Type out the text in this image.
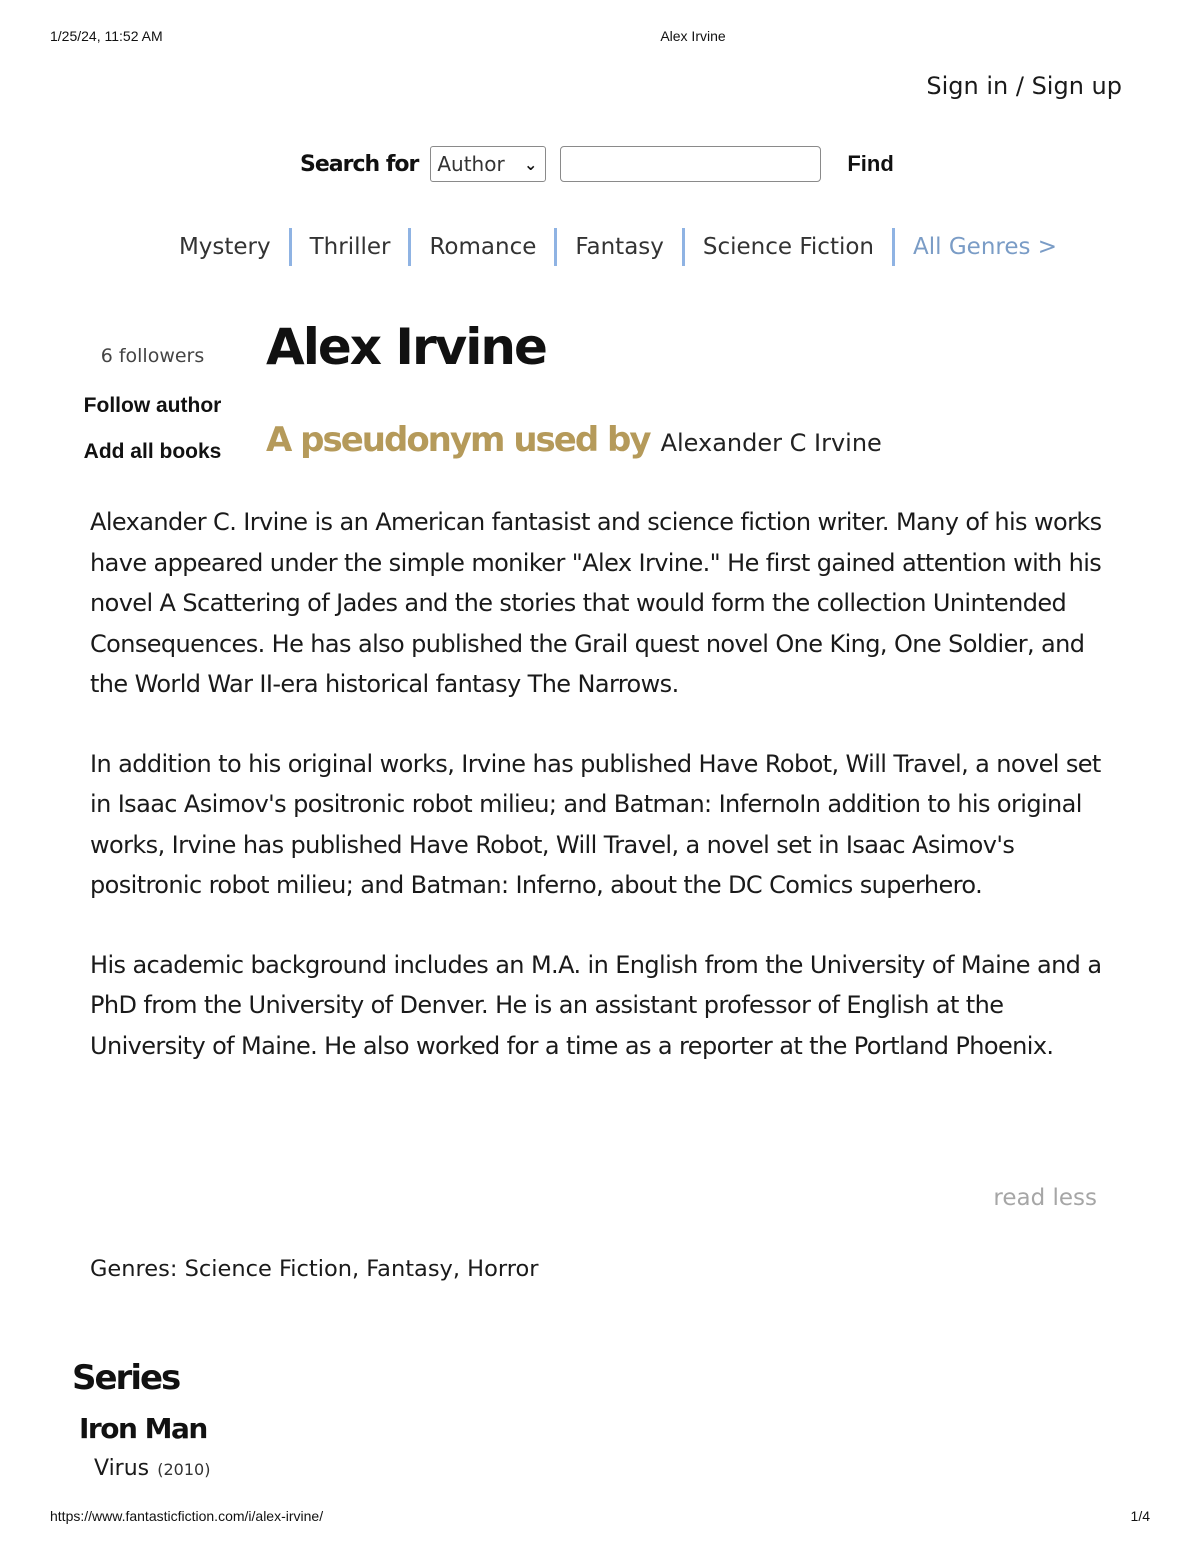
1/25/24, 11:52 AM	Alex Irvine
Sign in / Sign up
Search for Author ⌄	Find
Mystery	Thriller	Romance	Fantasy	Science Fiction	All Genres >
6 followers
Follow author
Add all books
Alex Irvine
A pseudonym used by Alexander C Irvine

Alexander C. Irvine is an American fantasist and science fiction writer. Many of his works have appeared under the simple moniker "Alex Irvine." He first gained attention with his novel A Scattering of Jades and the stories that would form the collection Unintended Consequences. He has also published the Grail quest novel One King, One Soldier, and the World War II-era historical fantasy The Narrows.

In addition to his original works, Irvine has published Have Robot, Will Travel, a novel set in Isaac Asimov's positronic robot milieu; and Batman: InfernoIn addition to his original works, Irvine has published Have Robot, Will Travel, a novel set in Isaac Asimov's positronic robot milieu; and Batman: Inferno, about the DC Comics superhero.

His academic background includes an M.A. in English from the University of Maine and a PhD from the University of Denver. He is an assistant professor of English at the University of Maine. He also worked for a time as a reporter at the Portland Phoenix.

read less
Genres: Science Fiction, Fantasy, Horror
Series
Iron Man
Virus (2010)
https://www.fantasticfiction.com/i/alex-irvine/	1/4
